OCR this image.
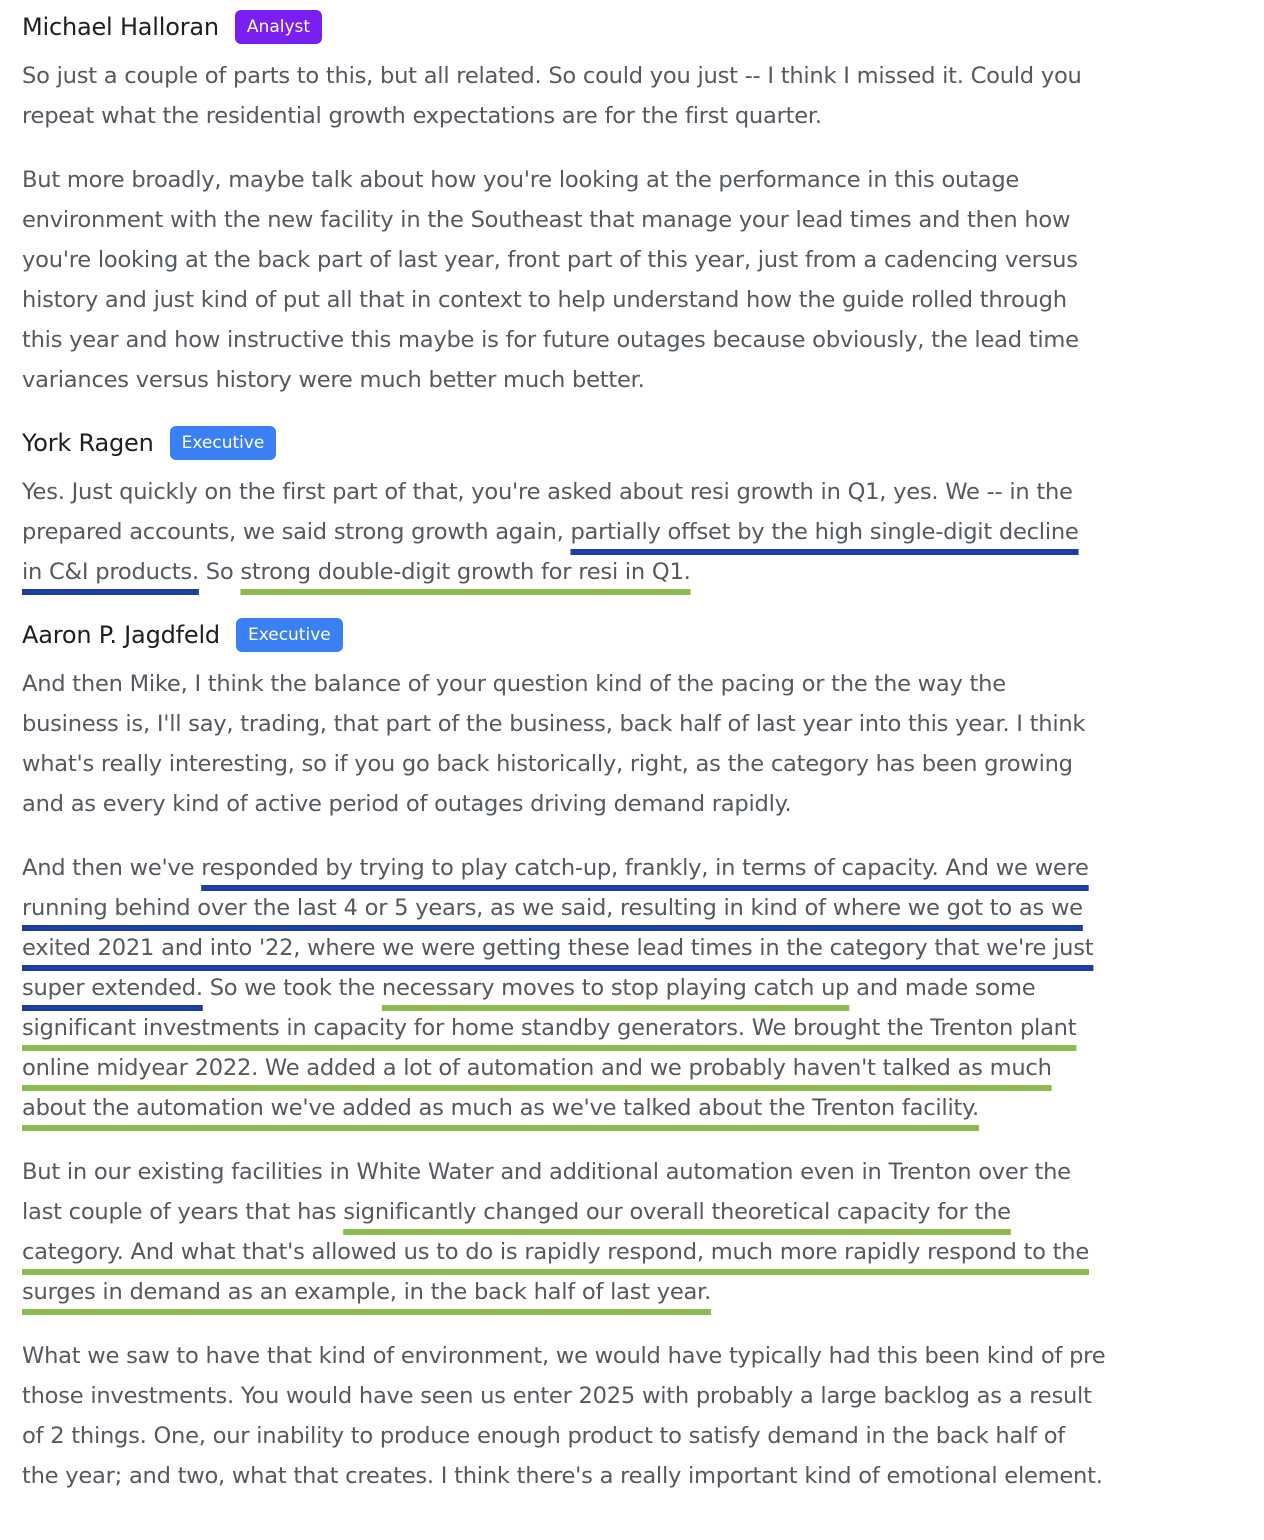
Michael Halloran	Analyst

So just a couple of parts to this, but all related. So could you just -- I think I missed it. Could you
repeat what the residential growth expectations are for the first quarter.

But more broadly, maybe talk about how you're looking at the performance in this outage
environment with the new facility in the Southeast that manage your lead times and then how
you're looking at the back part of last year, front part of this year, just from a cadencing versus
history and just kind of put all that in context to help understand how the guide rolled through
this year and how instructive this maybe is for future outages because obviously, the lead time
variances versus history were much better much better.

York Ragen	Executive

Yes. Just quickly on the first part of that, you're asked about resi growth in Q1, yes. We -- in the
prepared accounts, we said strong growth again, partially offset by the high single-digit decline
in C&I products. So strong double-digit growth for resi in Q1.

Aaron P. Jagdfeld	Executive

And then Mike, I think the balance of your question kind of the pacing or the the way the
business is, I'll say, trading, that part of the business, back half of last year into this year. I think
what's really interesting, so if you go back historically, right, as the category has been growing
and as every kind of active period of outages driving demand rapidly.

And then we've responded by trying to play catch-up, frankly, in terms of capacity. And we were
running behind over the last 4 or 5 years, as we said, resulting in kind of where we got to as we
exited 2021 and into '22, where we were getting these lead times in the category that we're just
super extended. So we took the necessary moves to stop playing catch up and made some
significant investments in capacity for home standby generators. We brought the Trenton plant
online midyear 2022. We added a lot of automation and we probably haven't talked as much
about the automation we've added as much as we've talked about the Trenton facility.

But in our existing facilities in White Water and additional automation even in Trenton over the
last couple of years that has significantly changed our overall theoretical capacity for the
category. And what that's allowed us to do is rapidly respond, much more rapidly respond to the
surges in demand as an example, in the back half of last year.

What we saw to have that kind of environment, we would have typically had this been kind of pre
those investments. You would have seen us enter 2025 with probably a large backlog as a result
of 2 things. One, our inability to produce enough product to satisfy demand in the back half of
the year; and two, what that creates. I think there's a really important kind of emotional element.
